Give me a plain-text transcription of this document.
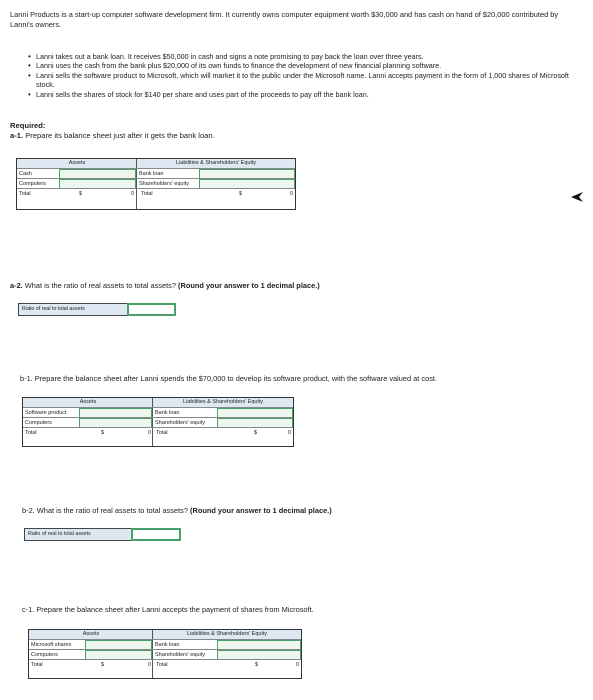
Lanni Products is a start-up computer software development firm. It currently owns computer equipment worth $30,000 and has cash on hand of $20,000 contributed by Lanni's owners.
• Lanni takes out a bank loan. It receives $50,000 in cash and signs a note promising to pay back the loan over three years.
• Lanni uses the cash from the bank plus $20,000 of its own funds to finance the development of new financial planning software.
• Lanni sells the software product to Microsoft, which will market it to the public under the Microsoft name. Lanni accepts payment in the form of 1,000 shares of Microsoft stock.
• Lanni sells the shares of stock for $140 per share and uses part of the proceeds to pay off the bank loan.
Required:
a-1. Prepare its balance sheet just after it gets the bank loan.
Assets	Liabilities & Shareholders' Equity
Cash	Bank loan
Computers	Shareholders' equity
Total	$	0	Total	$	0
a-2. What is the ratio of real assets to total assets? (Round your answer to 1 decimal place.)
Ratio of real to total assets
b-1. Prepare the balance sheet after Lanni spends the $70,000 to develop its software product, with the software valued at cost.
Assets	Liabilities & Shareholders' Equity
Software product	Bank loan
Computers	Shareholders' equity
Total	$	0 Total	$	0
b-2. What is the ratio of real assets to total assets? (Round your answer to 1 decimal place.)
Ratio of real to total assets
c-1. Prepare the balance sheet after Lanni accepts the payment of shares from Microsoft.
Assets	Liabilities & Shareholders' Equity
Microsoft shares	Bank loan
Computers	Shareholders' equity
Total	$	0 Total	$	0
